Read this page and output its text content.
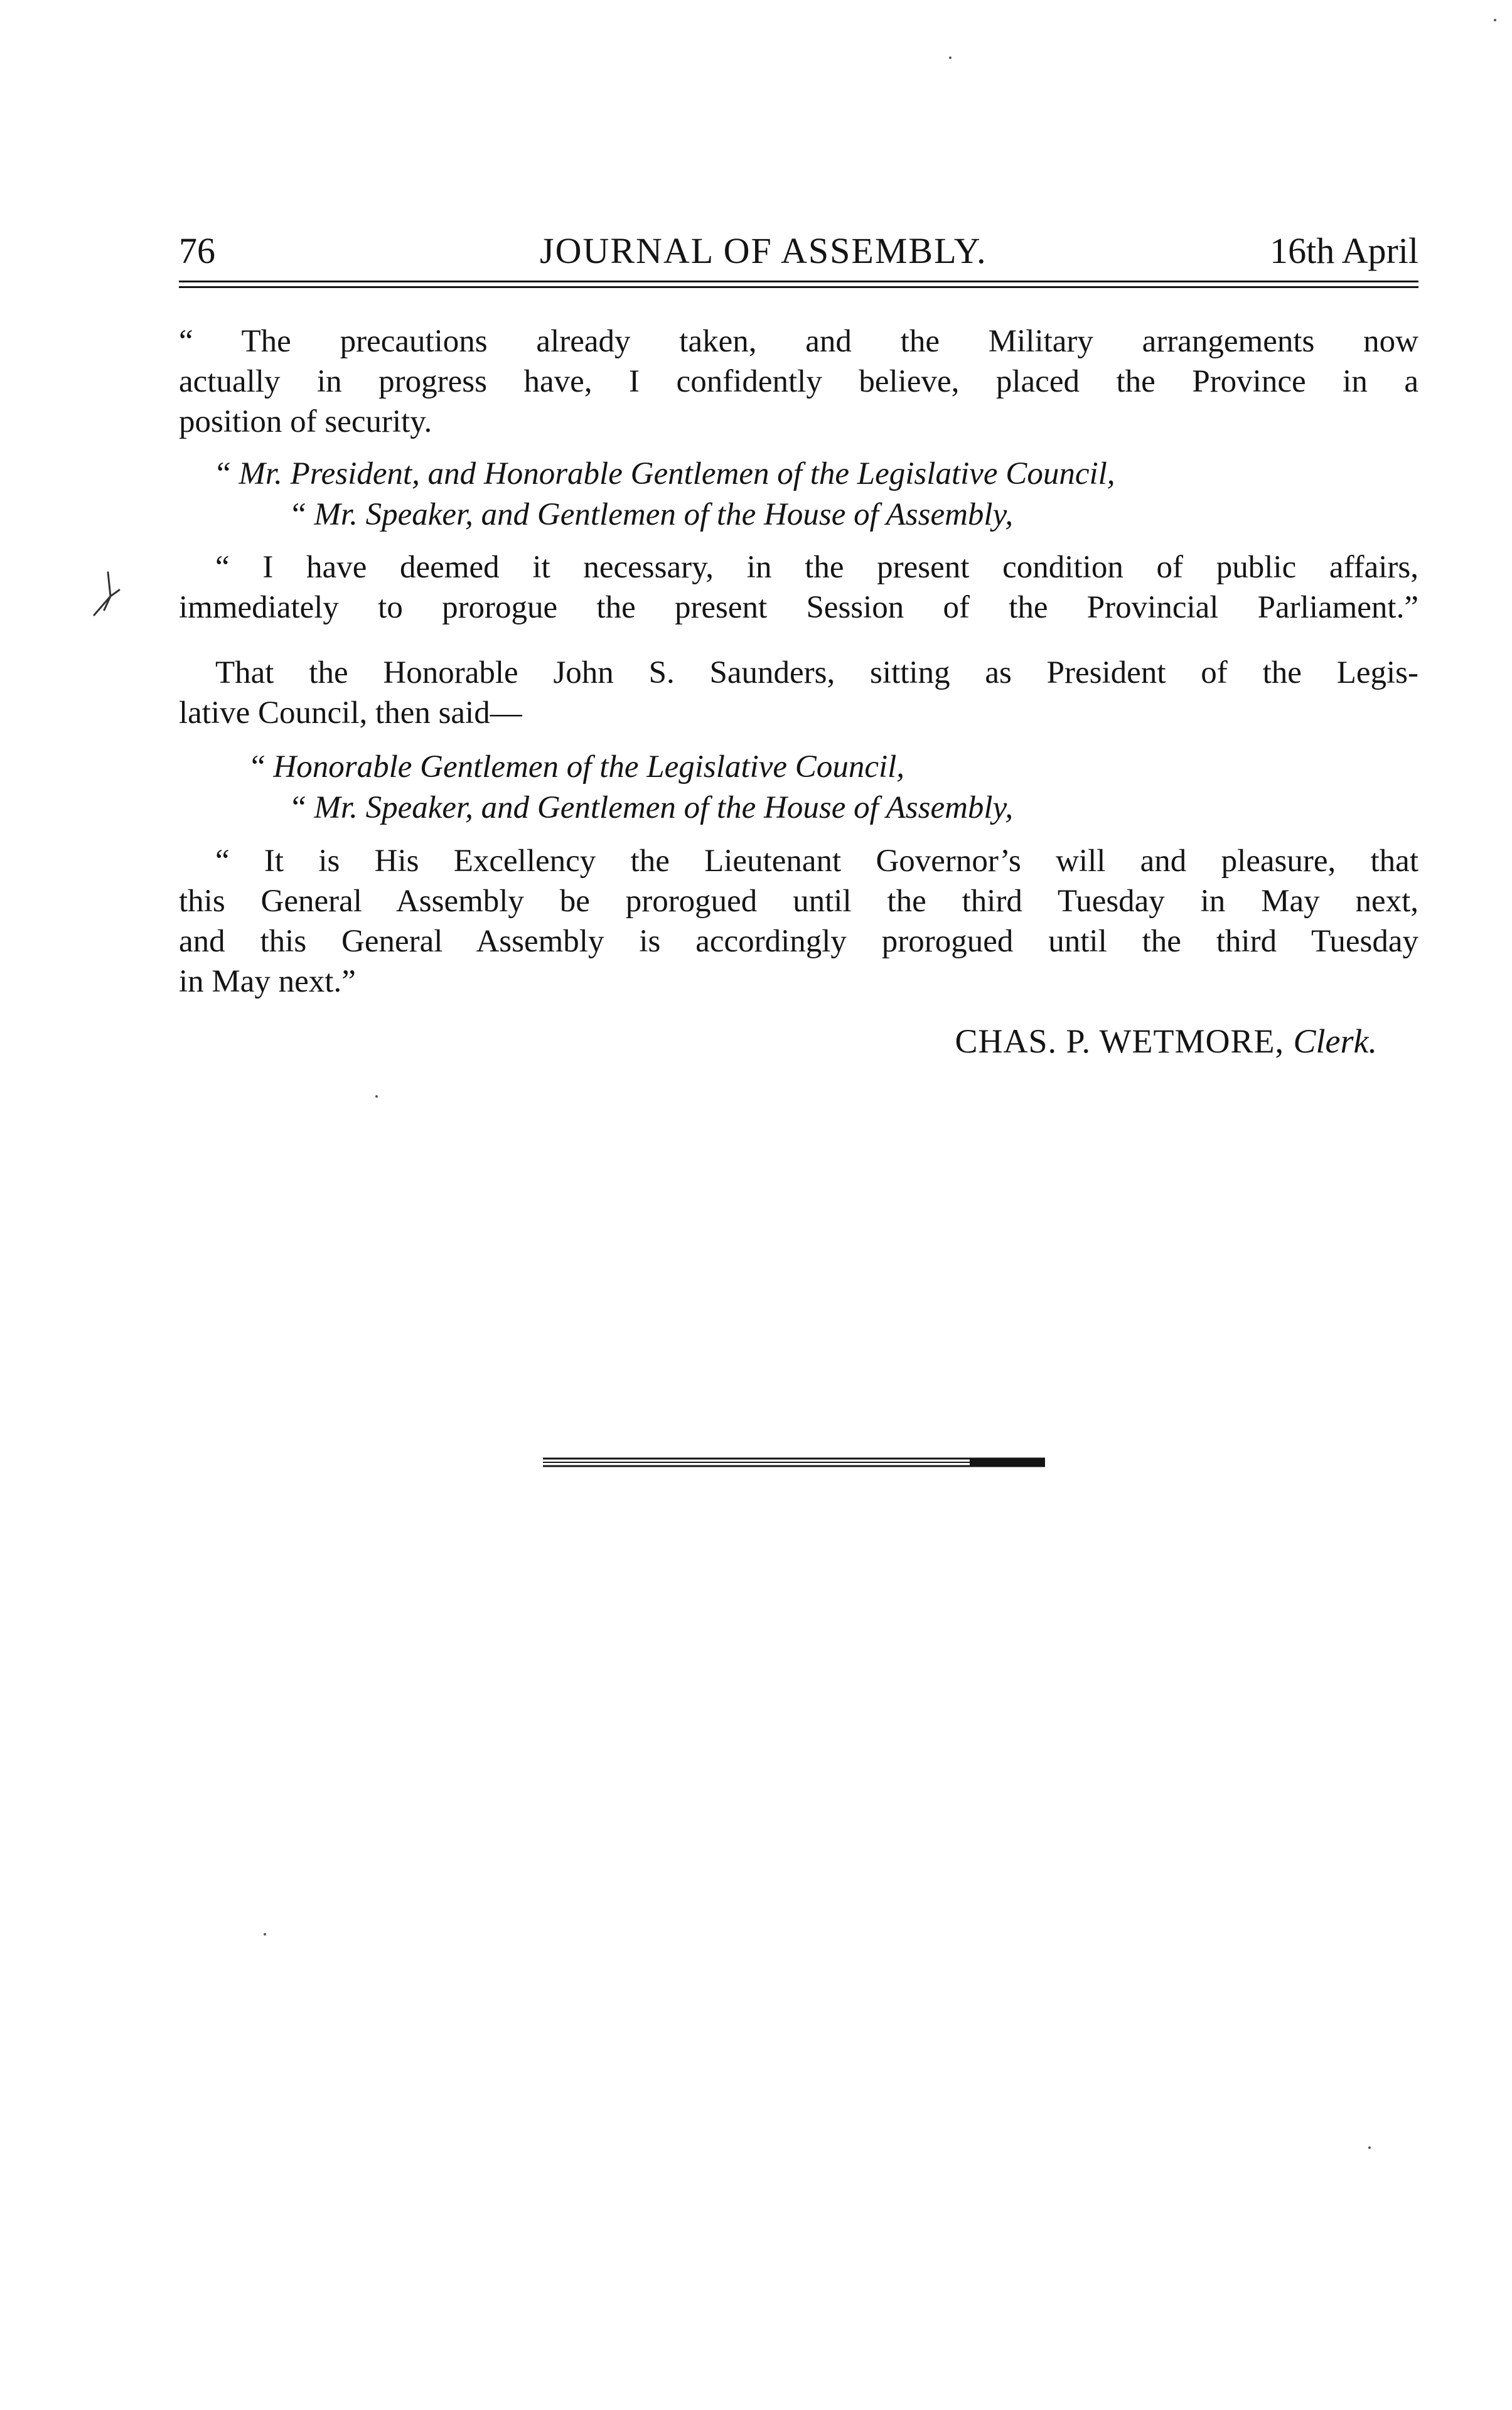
76	JOURNAL OF ASSEMBLY.	16th April
“ The precautions already taken, and the Military arrangements now
actually in progress have, I confidently believe, placed the Province in a
position of security.
“ Mr. President, and Honorable Gentlemen of the Legislative Council,
“ Mr. Speaker, and Gentlemen of the House of Assembly,
“ I have deemed it necessary, in the present condition of public affairs,
immediately to prorogue the present Session of the Provincial Parliament.”
That the Honorable John S. Saunders, sitting as President of the Legis-
lative Council, then said—
“ Honorable Gentlemen of the Legislative Council,
“ Mr. Speaker, and Gentlemen of the House of Assembly,
“ It is His Excellency the Lieutenant Governor’s will and pleasure, that
this General Assembly be prorogued until the third Tuesday in May next,
and this General Assembly is accordingly prorogued until the third Tuesday
in May next.”
CHAS. P. WETMORE, Clerk.
